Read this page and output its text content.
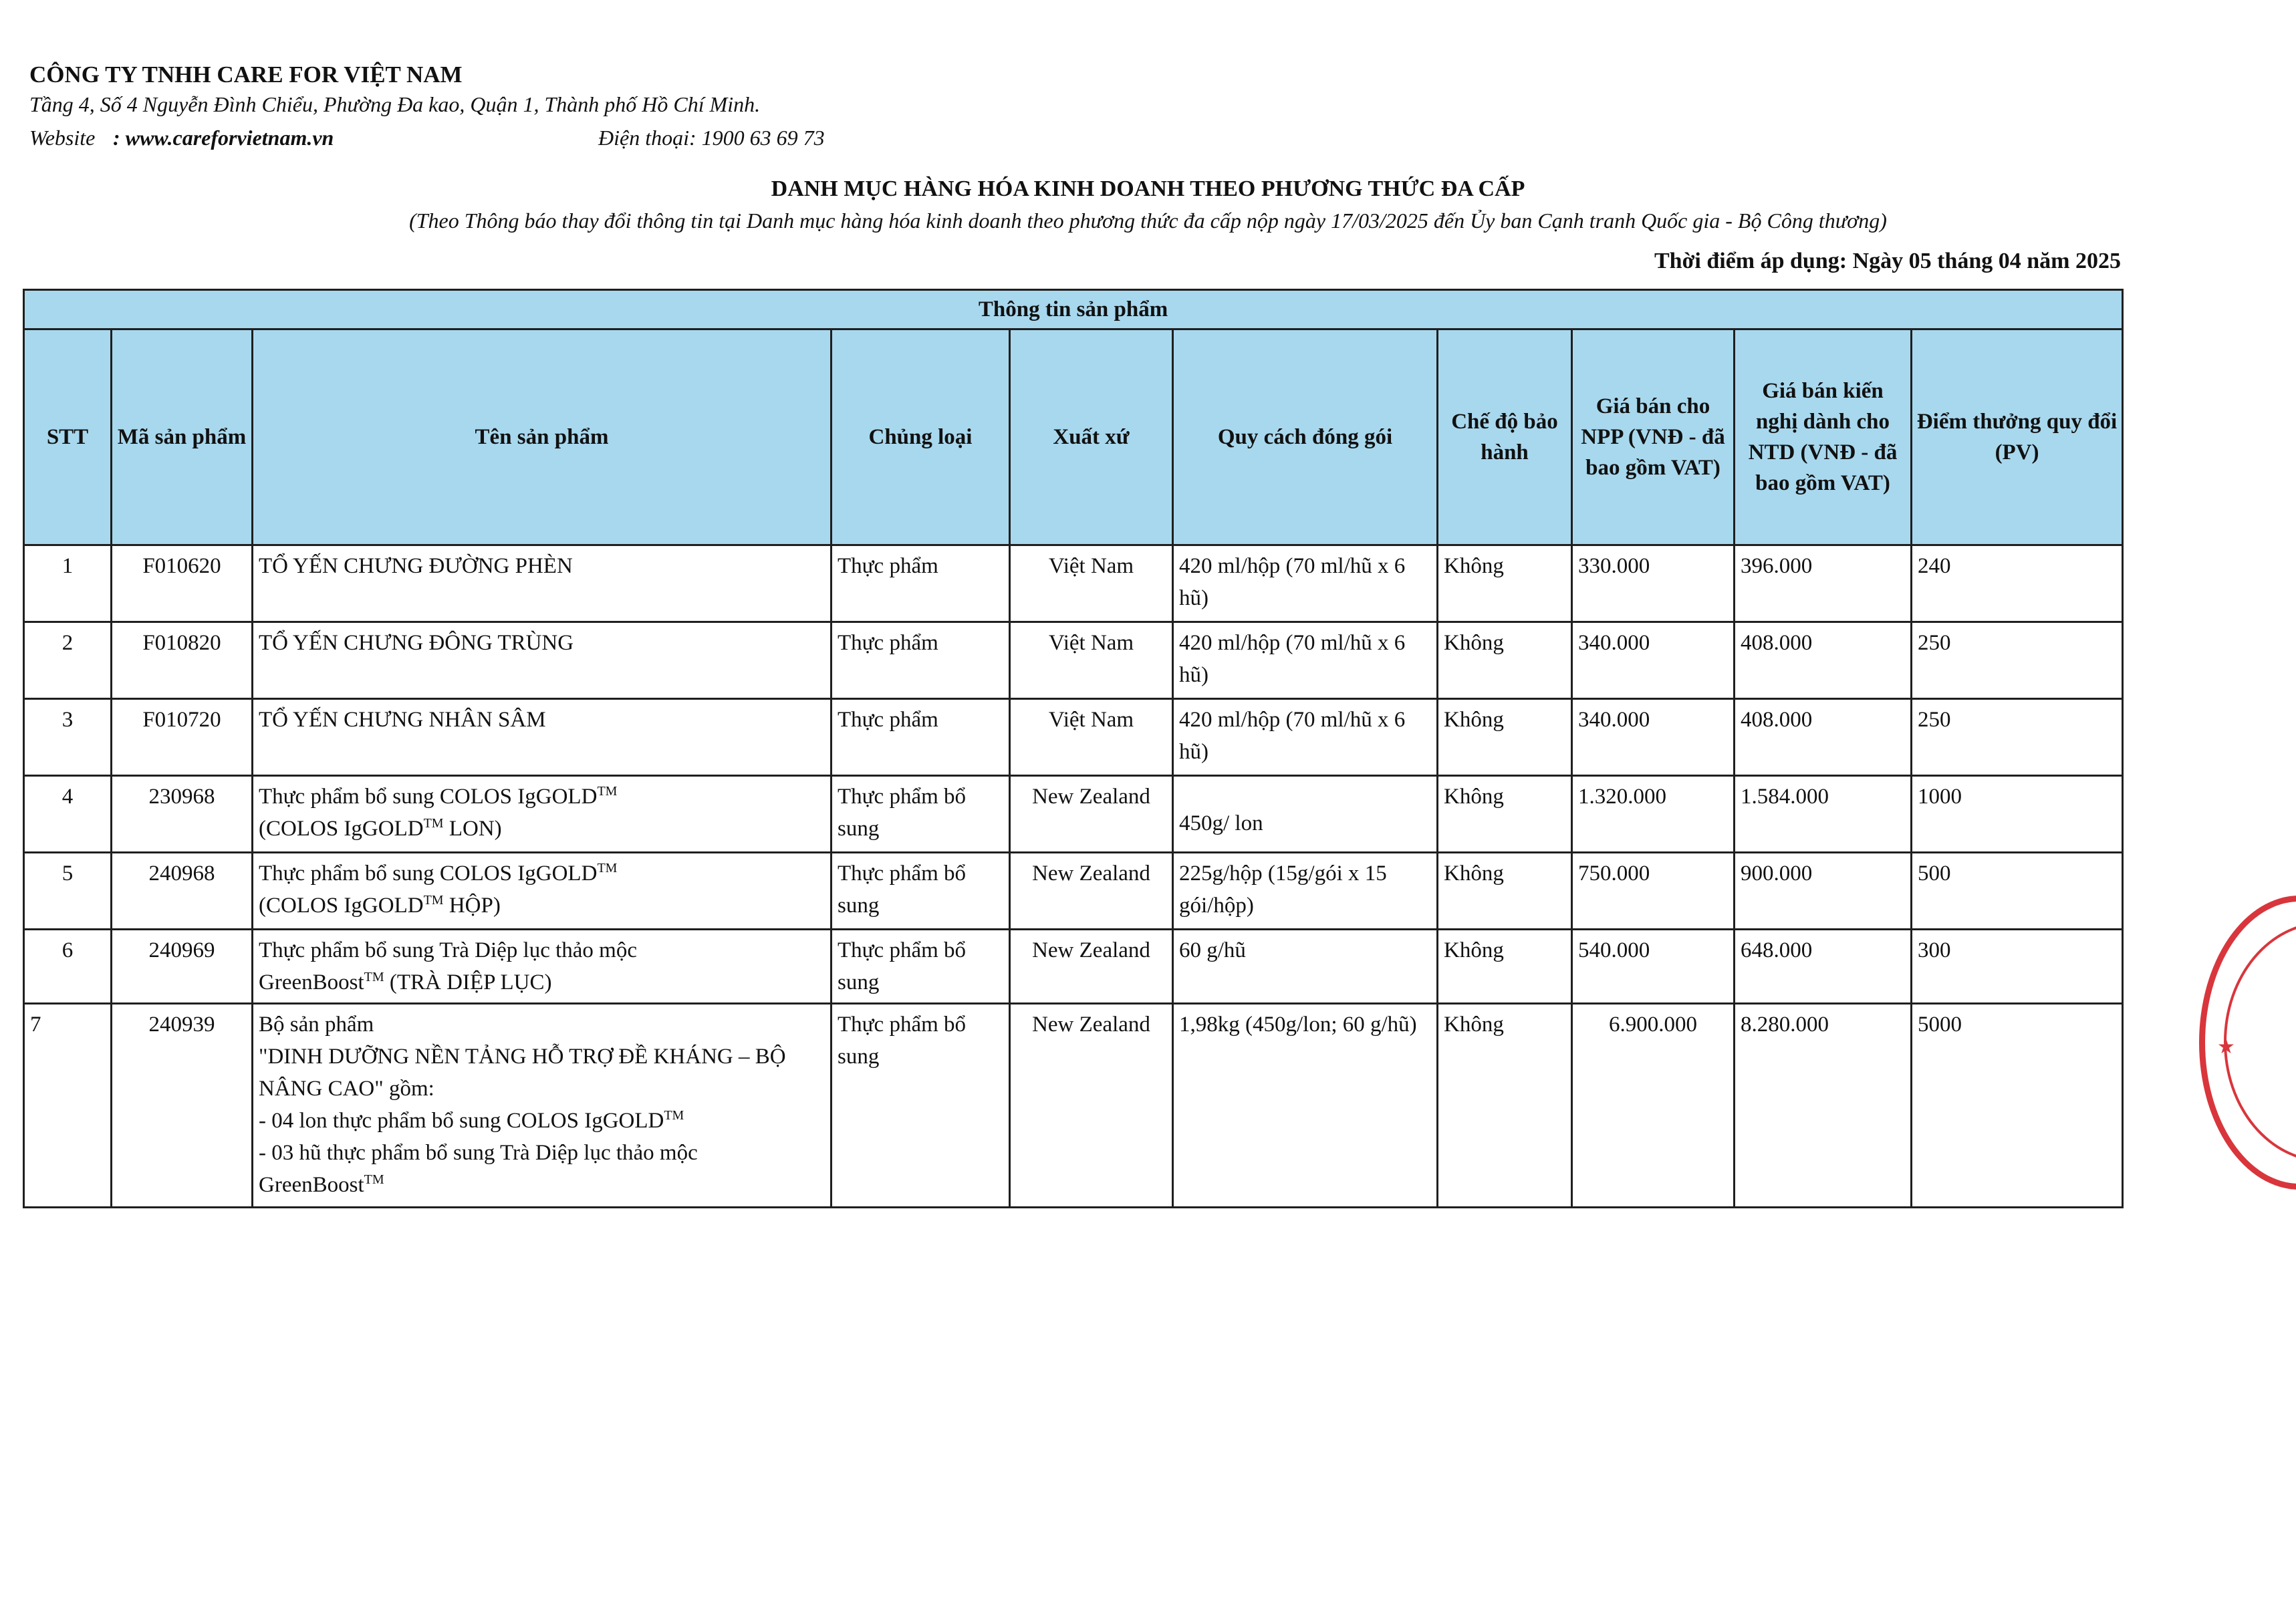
CÔNG TY TNHH CARE FOR VIỆT NAM
Tầng 4, Số 4 Nguyễn Đình Chiểu, Phường Đa kao, Quận 1, Thành phố Hồ Chí Minh.
Website : www.careforvietnam.vn	Điện thoại: 1900 63 69 73
DANH MỤC HÀNG HÓA KINH DOANH THEO PHƯƠNG THỨC ĐA CẤP
(Theo Thông báo thay đổi thông tin tại Danh mục hàng hóa kinh doanh theo phương thức đa cấp nộp ngày 17/03/2025 đến Ủy ban Cạnh tranh Quốc gia - Bộ Công thương)
Thời điểm áp dụng: Ngày 05 tháng 04 năm 2025
Thông tin sản phẩm									
STT	Mã sản phẩm	Tên sản phẩm	Chủng loại	Xuất xứ	Quy cách đóng gói	Chế độ bảo hành	Giá bán cho NPP (VNĐ - đã bao gồm VAT)	Giá bán kiến nghị dành cho NTD (VNĐ - đã bao gồm VAT)	Điểm thưởng quy đổi (PV)
1	F010620	TỔ YẾN CHƯNG ĐƯỜNG PHÈN	Thực phẩm	Việt Nam	420 ml/hộp (70 ml/hũ x 6 hũ)	Không	330.000	396.000	240
2	F010820	TỔ YẾN CHƯNG ĐÔNG TRÙNG	Thực phẩm	Việt Nam	420 ml/hộp (70 ml/hũ x 6 hũ)	Không	340.000	408.000	250
3	F010720	TỔ YẾN CHƯNG NHÂN SÂM	Thực phẩm	Việt Nam	420 ml/hộp (70 ml/hũ x 6 hũ)	Không	340.000	408.000	250
4	230968	Thực phẩm bổ sung COLOS IgGOLD™
(COLOS IgGOLD™ LON)	Thực phẩm bổ sung	New Zealand	450g/ lon	Không	1.320.000	1.584.000	1000
5	240968	Thực phẩm bổ sung COLOS IgGOLD™
(COLOS IgGOLD™ HỘP)	Thực phẩm bổ sung	New Zealand	225g/hộp (15g/gói x 15 gói/hộp)	Không	750.000	900.000	500
6	240969	Thực phẩm bổ sung Trà Diệp lục thảo mộc
GreenBoost™ (TRÀ DIỆP LỤC)	Thực phẩm bổ sung	New Zealand	60 g/hũ	Không	540.000	648.000	300
7	240939	Bộ sản phẩm
"DINH DƯỠNG NỀN TẢNG HỖ TRỢ ĐỀ KHÁNG – BỘ NÂNG CAO" gồm:
- 04 lon thực phẩm bổ sung COLOS IgGOLD™
- 03 hũ thực phẩm bổ sung Trà Diệp lục thảo mộc GreenBoost™	Thực phẩm bổ sung	New Zealand	1,98kg (450g/lon; 60 g/hũ)	Không	6.900.000	8.280.000	5000
★
